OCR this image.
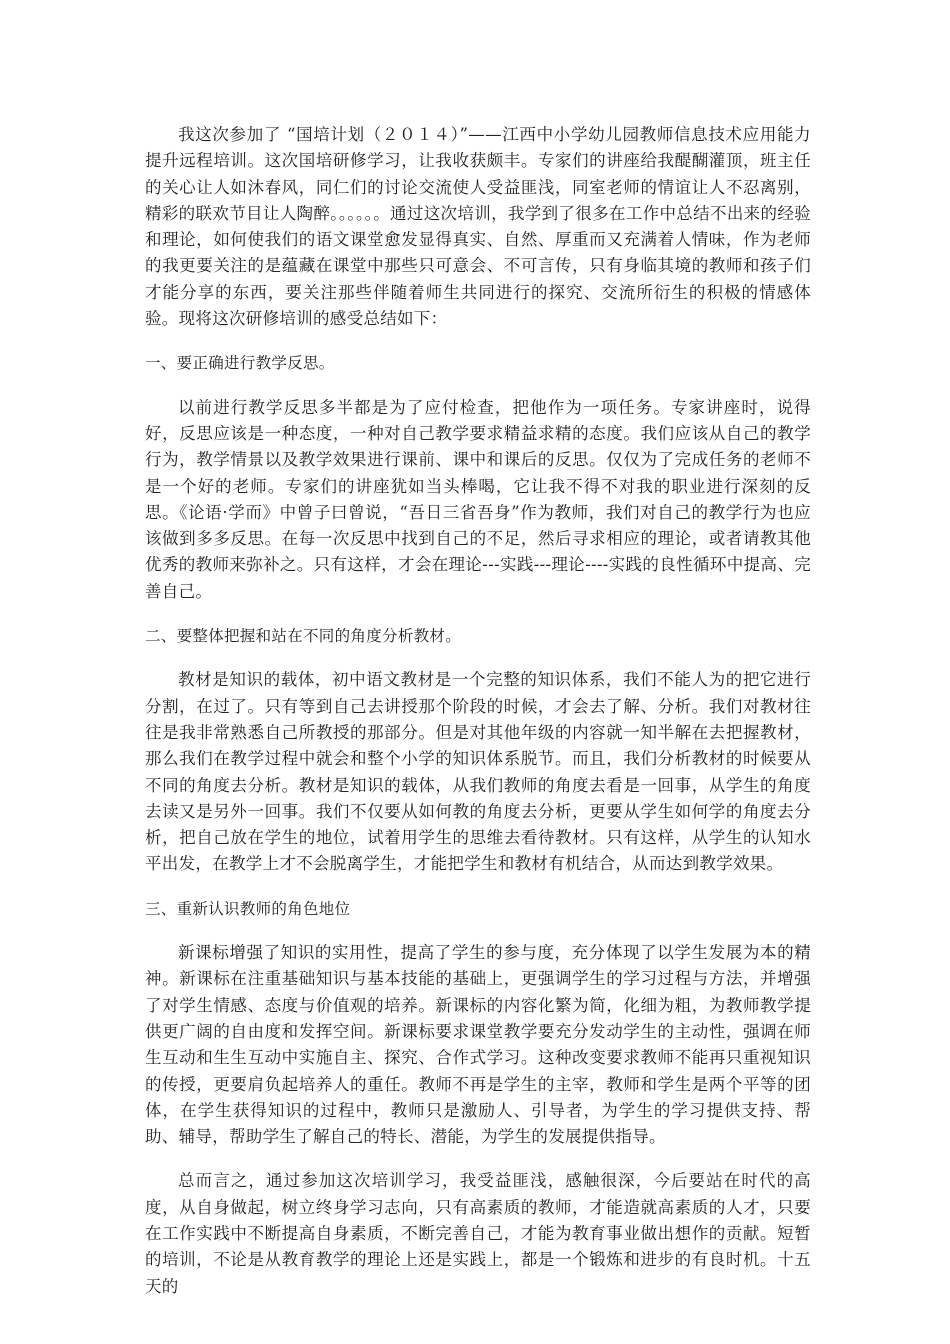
我这次参加了 “国培计划（２０１４）”——江西中小学幼儿园教师信息技术应用能力提升远程培训。这次国培研修学习，让我收获颇丰。专家们的讲座给我醍醐灌顶，班主任的关心让人如沐春风，同仁们的讨论交流使人受益匪浅，同室老师的情谊让人不忍离别，精彩的联欢节目让人陶醉。。。。。。通过这次培训，我学到了很多在工作中总结不出来的经验和理论，如何使我们的语文课堂愈发显得真实、自然、厚重而又充满着人情味，作为老师的我更要关注的是蕴藏在课堂中那些只可意会、不可言传，只有身临其境的教师和孩子们才能分享的东西，要关注那些伴随着师生共同进行的探究、交流所衍生的积极的情感体验。现将这次研修培训的感受总结如下：

一、要正确进行教学反思。

以前进行教学反思多半都是为了应付检查，把他作为一项任务。专家讲座时，说得好，反思应该是一种态度，一种对自己教学要求精益求精的态度。我们应该从自己的教学行为，教学情景以及教学效果进行课前、课中和课后的反思。仅仅为了完成任务的老师不是一个好的老师。专家们的讲座犹如当头棒喝，它让我不得不对我的职业进行深刻的反思。《论语·学而》中曾子曰曾说，“吾日三省吾身”作为教师，我们对自己的教学行为也应该做到多多反思。在每一次反思中找到自己的不足，然后寻求相应的理论，或者请教其他优秀的教师来弥补之。只有这样，才会在理论---实践---理论----实践的良性循环中提高、完善自己。

二、要整体把握和站在不同的角度分析教材。

教材是知识的载体，初中语文教材是一个完整的知识体系，我们不能人为的把它进行分割，在过了。只有等到自己去讲授那个阶段的时候，才会去了解、分析。我们对教材往往是我非常熟悉自己所教授的那部分。但是对其他年级的内容就一知半解在去把握教材，那么我们在教学过程中就会和整个小学的知识体系脱节。而且，我们分析教材的时候要从不同的角度去分析。教材是知识的载体，从我们教师的角度去看是一回事，从学生的角度去读又是另外一回事。我们不仅要从如何教的角度去分析，更要从学生如何学的角度去分析，把自己放在学生的地位，试着用学生的思维去看待教材。只有这样，从学生的认知水平出发，在教学上才不会脱离学生，才能把学生和教材有机结合，从而达到教学效果。

三、重新认识教师的角色地位

新课标增强了知识的实用性，提高了学生的参与度，充分体现了以学生发展为本的精神。新课标在注重基础知识与基本技能的基础上，更强调学生的学习过程与方法，并增强了对学生情感、态度与价值观的培养。新课标的内容化繁为简，化细为粗，为教师教学提供更广阔的自由度和发挥空间。新课标要求课堂教学要充分发动学生的主动性，强调在师生互动和生生互动中实施自主、探究、合作式学习。这种改变要求教师不能再只重视知识的传授，更要肩负起培养人的重任。教师不再是学生的主宰，教师和学生是两个平等的团体，在学生获得知识的过程中，教师只是激励人、引导者，为学生的学习提供支持、帮助、辅导，帮助学生了解自己的特长、潜能，为学生的发展提供指导。

总而言之，通过参加这次培训学习，我受益匪浅，感触很深，今后要站在时代的高度，从自身做起，树立终身学习志向，只有高素质的教师，才能造就高素质的人才，只要在工作实践中不断提高自身素质，不断完善自己，才能为教育事业做出想作的贡献。短暂的培训，不论是从教育教学的理论上还是实践上，都是一个锻炼和进步的有良时机。十五天的
